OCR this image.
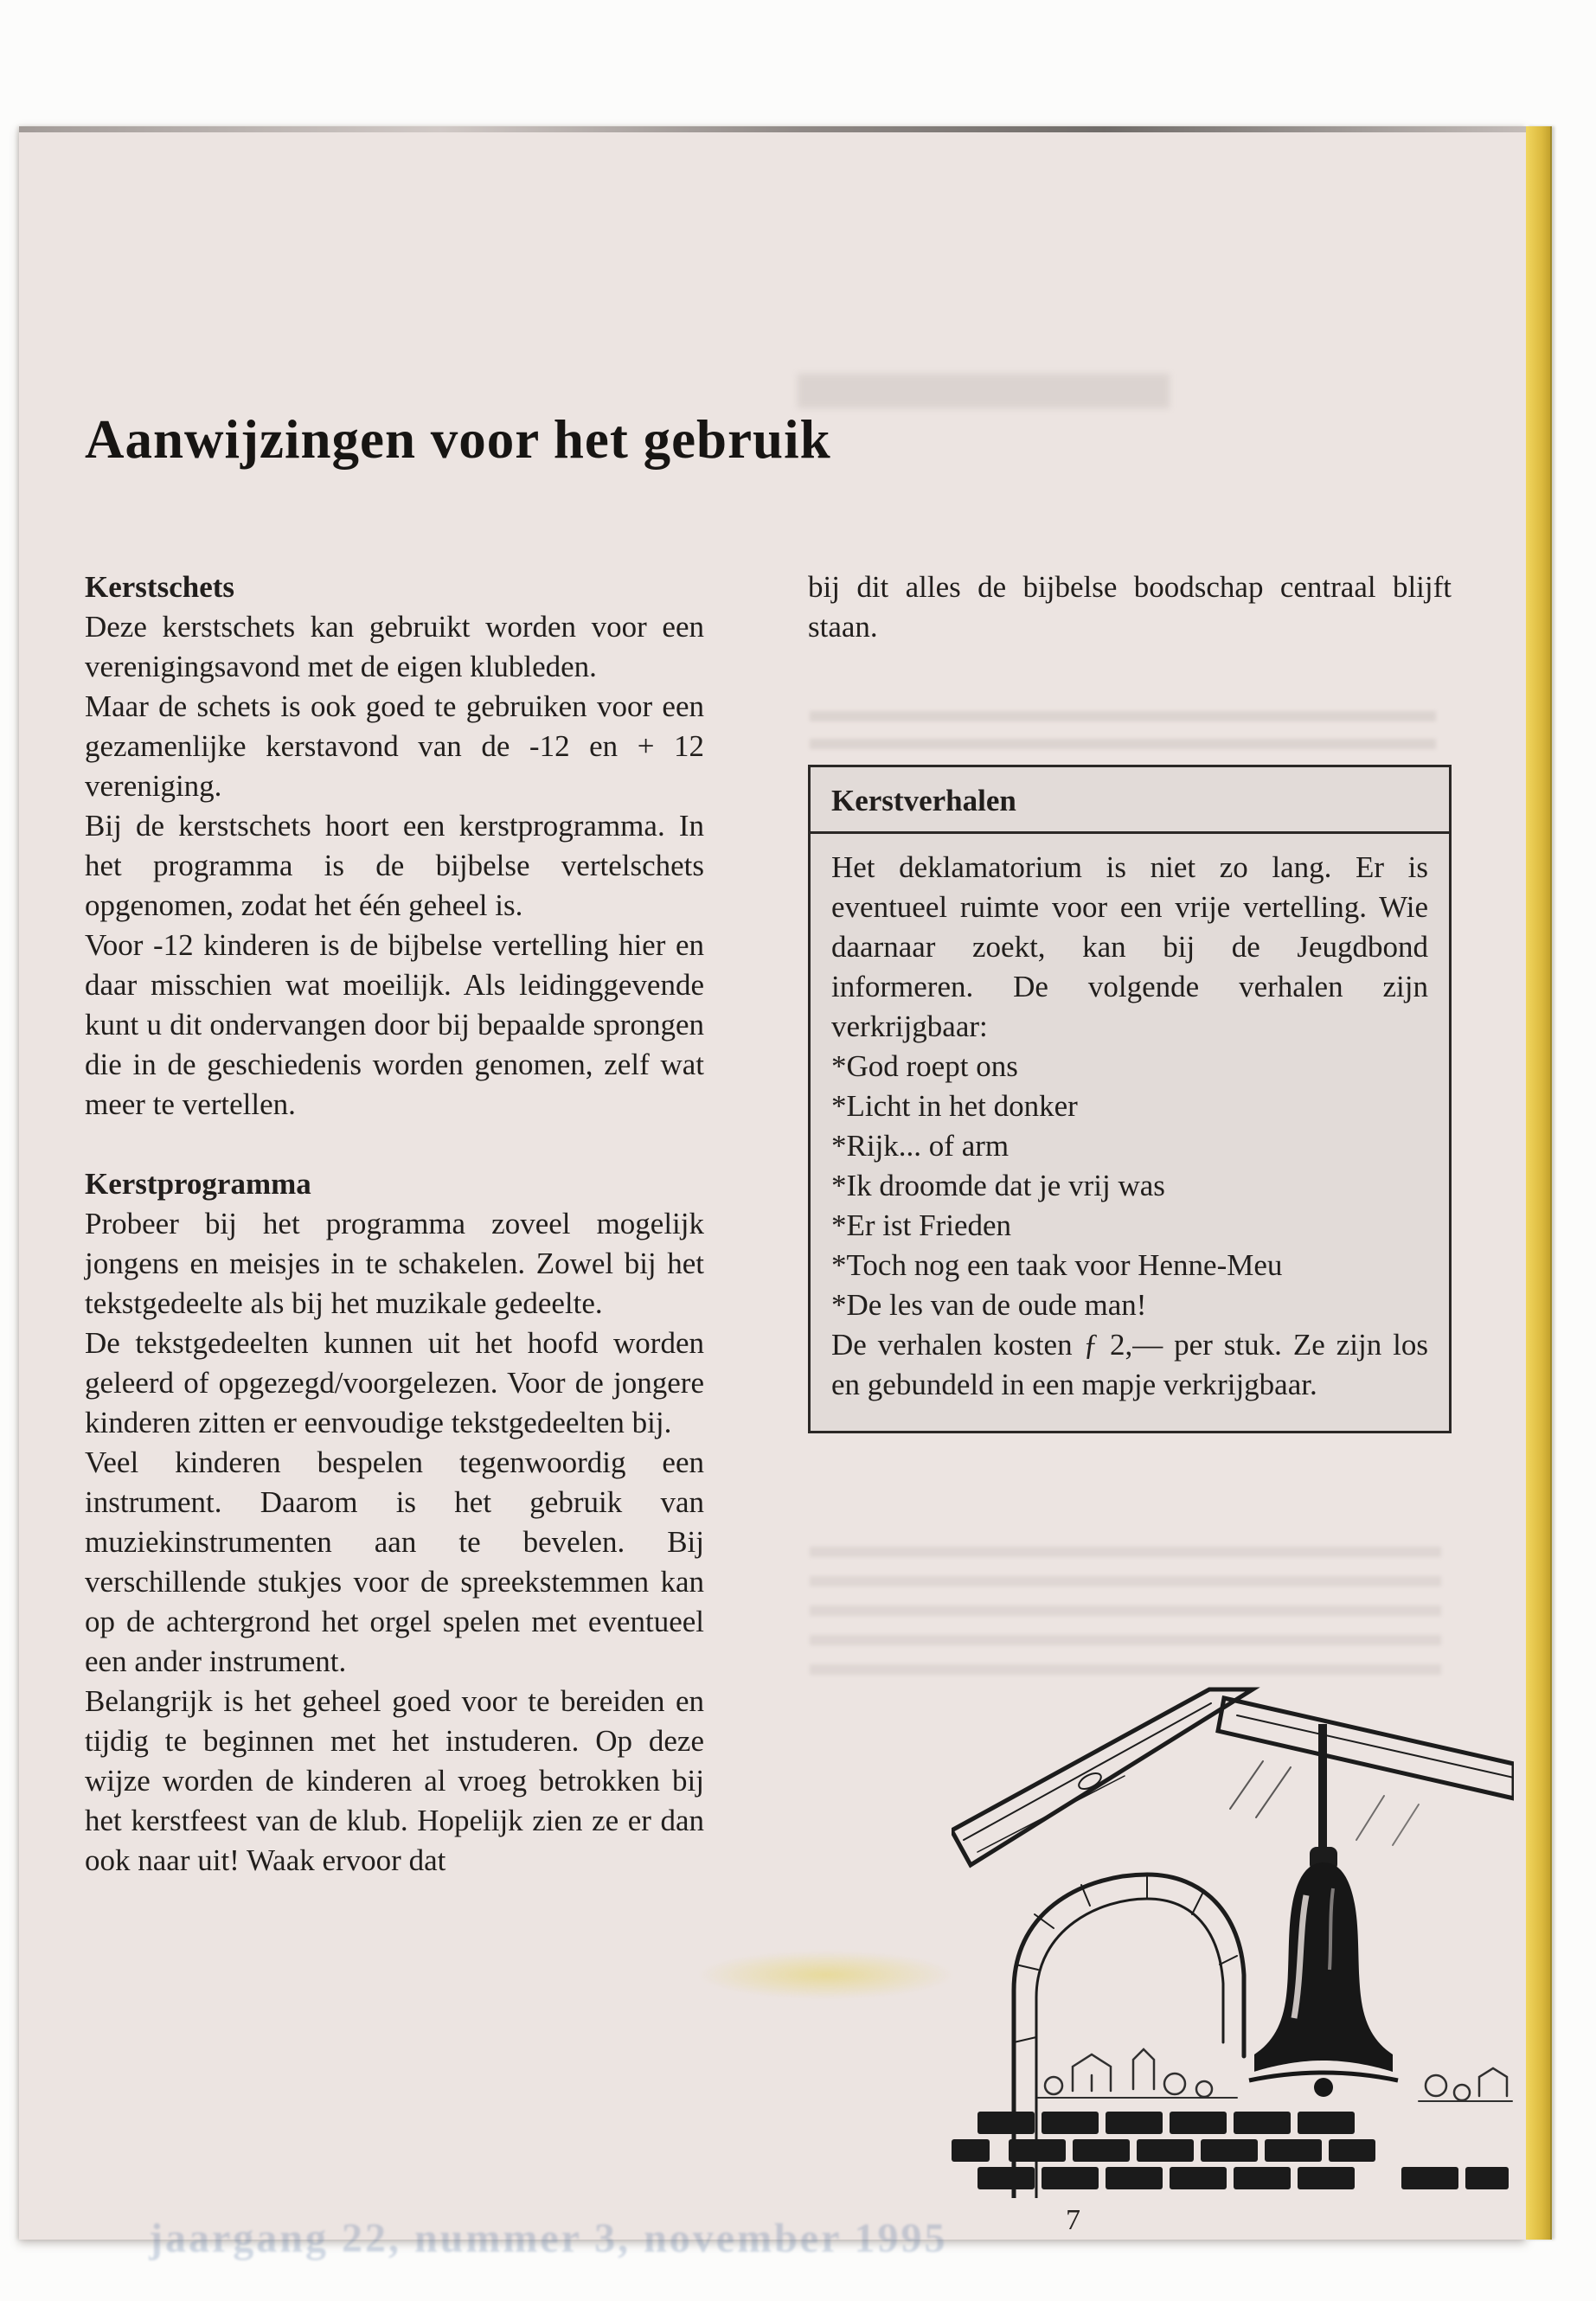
Aanwijzingen voor het gebruik
Kerstschets

Deze kerstschets kan gebruikt worden voor een verenigingsavond met de eigen klubleden.

Maar de schets is ook goed te gebruiken voor een gezamenlijke kerstavond van de -12 en + 12 vereniging.

Bij de kerstschets hoort een kerstprogramma. In het programma is de bijbelse vertelschets opgenomen, zodat het één geheel is.

Voor -12 kinderen is de bijbelse vertelling hier en daar misschien wat moeilijk. Als leidinggevende kunt u dit ondervangen door bij bepaalde sprongen die in de geschiedenis worden genomen, zelf wat meer te vertellen.

Kerstprogramma

Probeer bij het programma zoveel mogelijk jongens en meisjes in te schakelen. Zowel bij het tekstgedeelte als bij het muzikale gedeelte.

De tekstgedeelten kunnen uit het hoofd worden geleerd of opgezegd/voorgelezen. Voor de jongere kinderen zitten er eenvoudige tekstgedeelten bij.

Veel kinderen bespelen tegenwoordig een instrument. Daarom is het gebruik van muziekinstrumenten aan te bevelen. Bij verschillende stukjes voor de spreekstemmen kan op de achtergrond het orgel spelen met eventueel een ander instrument.

Belangrijk is het geheel goed voor te bereiden en tijdig te beginnen met het instuderen. Op deze wijze worden de kinderen al vroeg betrokken bij het kerstfeest van de klub. Hopelijk zien ze er dan ook naar uit! Waak ervoor dat

bij dit alles de bijbelse boodschap centraal blijft staan.

Kerstverhalen

Het deklamatorium is niet zo lang. Er is eventueel ruimte voor een vrije vertelling. Wie daarnaar zoekt, kan bij de Jeugdbond informeren. De volgende verhalen zijn verkrijgbaar:

*God roept ons
*Licht in het donker
*Rijk... of arm
*Ik droomde dat je vrij was
*Er ist Frieden
*Toch nog een taak voor Henne-Meu
*De les van de oude man!

De verhalen kosten ƒ 2,— per stuk. Ze zijn los en gebundeld in een mapje verkrijgbaar.

jaargang 22, nummer 3, november 1995	7
